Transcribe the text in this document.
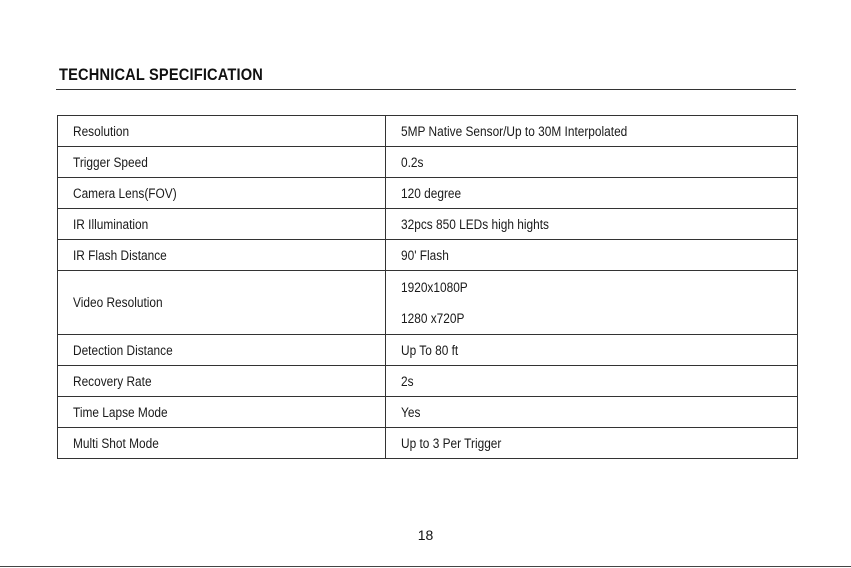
TECHNICAL SPECIFICATION
Resolution	5MP Native Sensor/Up to 30M Interpolated
Trigger Speed	0.2s
Camera Lens(FOV)	120 degree
IR Illumination	32pcs 850 LEDs high hights
IR Flash Distance	90' Flash
Video Resolution	1920x1080P
1280 x720P

Detection Distance	Up To 80 ft
Recovery Rate	2s
Time Lapse Mode	Yes
Multi Shot Mode	Up to 3 Per Trigger
18
